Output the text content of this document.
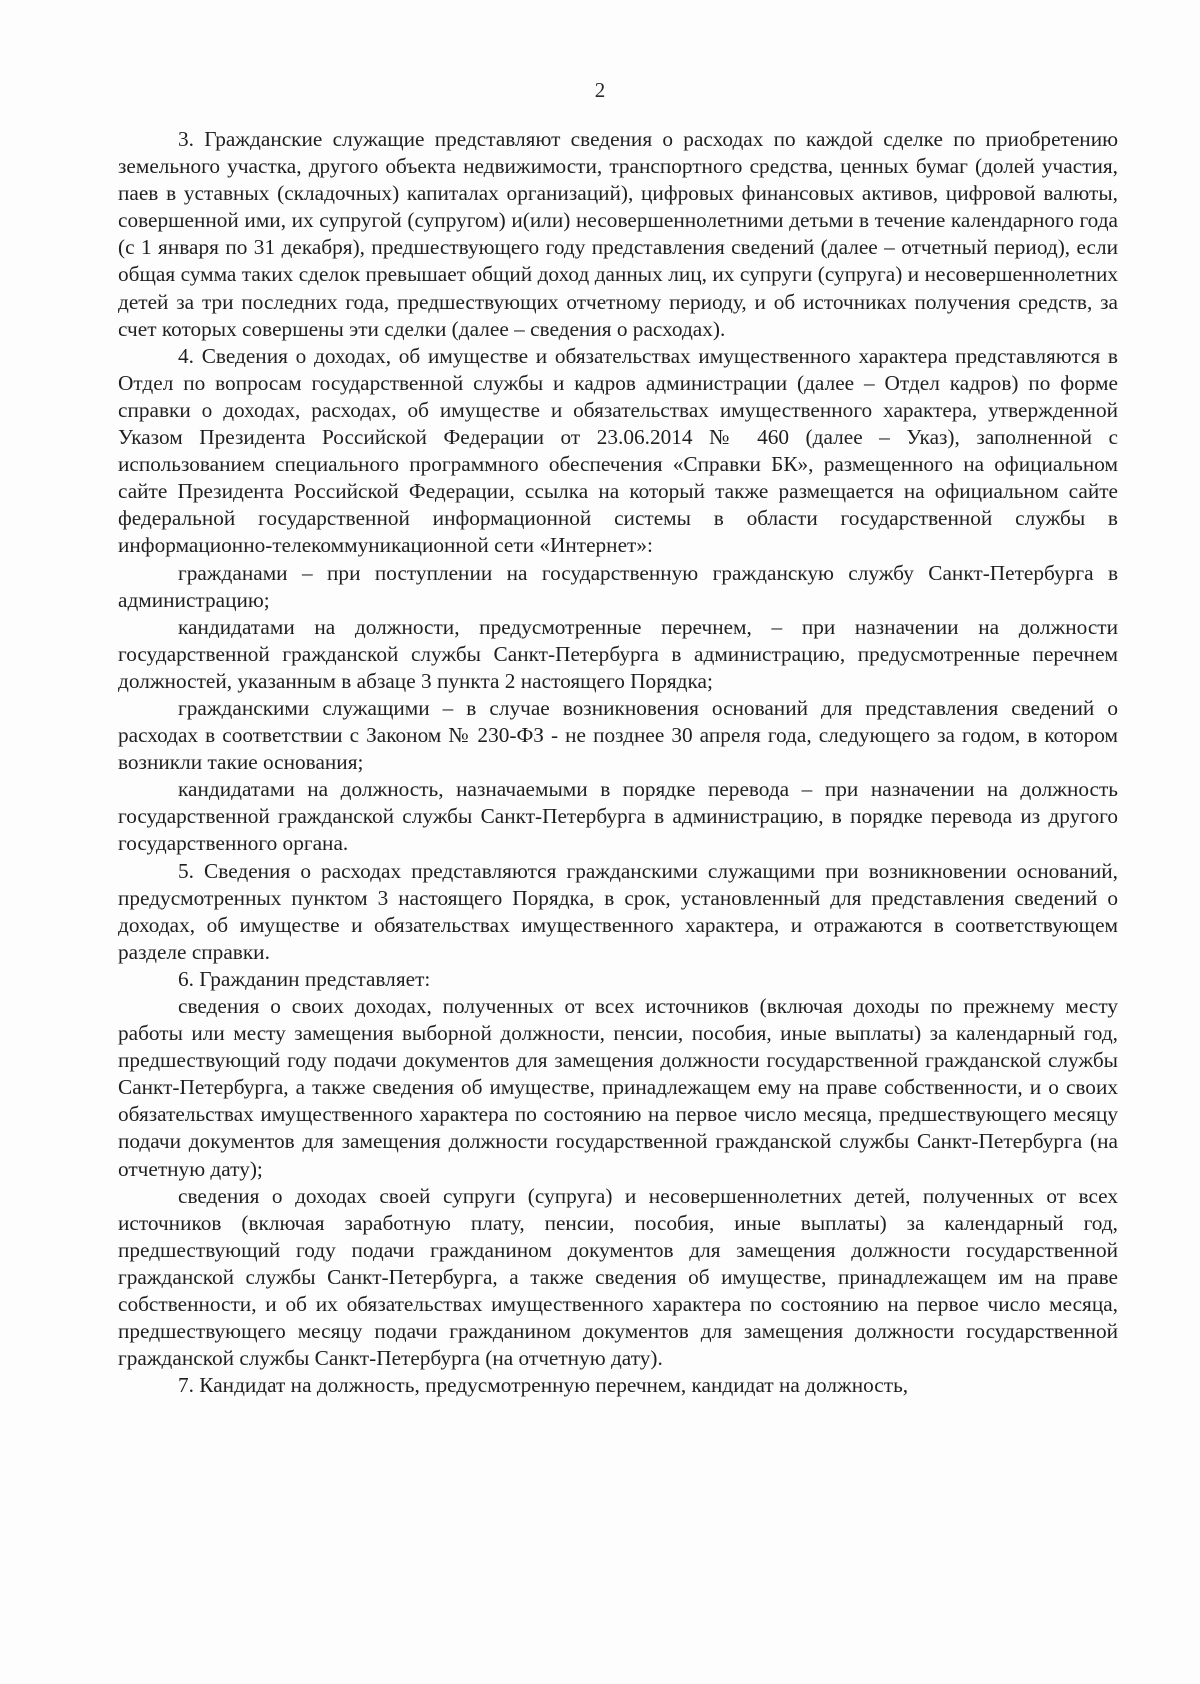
2

3. Гражданские служащие представляют сведения о расходах по каждой сделке по приобретению земельного участка, другого объекта недвижимости, транспортного средства, ценных бумаг (долей участия, паев в уставных (складочных) капиталах организаций), цифровых финансовых активов, цифровой валюты, совершенной ими, их супругой (супругом) и(или) несовершеннолетними детьми в течение календарного года (с 1 января по 31 декабря), предшествующего году представления сведений (далее – отчетный период), если общая сумма таких сделок превышает общий доход данных лиц, их супруги (супруга) и несовершеннолетних детей за три последних года, предшествующих отчетному периоду, и об источниках получения средств, за счет которых совершены эти сделки (далее – сведения о расходах).

4. Сведения о доходах, об имуществе и обязательствах имущественного характера представляются в Отдел по вопросам государственной службы и кадров администрации (далее – Отдел кадров) по форме справки о доходах, расходах, об имуществе и обязательствах имущественного характера, утвержденной Указом Президента Российской Федерации от 23.06.2014 № 460 (далее – Указ), заполненной с использованием специального программного обеспечения «Справки БК», размещенного на официальном сайте Президента Российской Федерации, ссылка на который также размещается на официальном сайте федеральной государственной информационной системы в области государственной службы в информационно-телекоммуникационной сети «Интернет»:

гражданами – при поступлении на государственную гражданскую службу Санкт-Петербурга в администрацию;

кандидатами на должности, предусмотренные перечнем, – при назначении на должности государственной гражданской службы Санкт-Петербурга в администрацию, предусмотренные перечнем должностей, указанным в абзаце 3 пункта 2 настоящего Порядка;

гражданскими служащими – в случае возникновения оснований для представления сведений о расходах в соответствии с Законом № 230-ФЗ - не позднее 30 апреля года, следующего за годом, в котором возникли такие основания;

кандидатами на должность, назначаемыми в порядке перевода – при назначении на должность государственной гражданской службы Санкт-Петербурга в администрацию, в порядке перевода из другого государственного органа.

5. Сведения о расходах представляются гражданскими служащими при возникновении оснований, предусмотренных пунктом 3 настоящего Порядка, в срок, установленный для представления сведений о доходах, об имуществе и обязательствах имущественного характера, и отражаются в соответствующем разделе справки.

6. Гражданин представляет:

сведения о своих доходах, полученных от всех источников (включая доходы по прежнему месту работы или месту замещения выборной должности, пенсии, пособия, иные выплаты) за календарный год, предшествующий году подачи документов для замещения должности государственной гражданской службы Санкт-Петербурга, а также сведения об имуществе, принадлежащем ему на праве собственности, и о своих обязательствах имущественного характера по состоянию на первое число месяца, предшествующего месяцу подачи документов для замещения должности государственной гражданской службы Санкт-Петербурга (на отчетную дату);

сведения о доходах своей супруги (супруга) и несовершеннолетних детей, полученных от всех источников (включая заработную плату, пенсии, пособия, иные выплаты) за календарный год, предшествующий году подачи гражданином документов для замещения должности государственной гражданской службы Санкт-Петербурга, а также сведения об имуществе, принадлежащем им на праве собственности, и об их обязательствах имущественного характера по состоянию на первое число месяца, предшествующего месяцу подачи гражданином документов для замещения должности государственной гражданской службы Санкт-Петербурга (на отчетную дату).

7. Кандидат на должность, предусмотренную перечнем, кандидат на должность,
